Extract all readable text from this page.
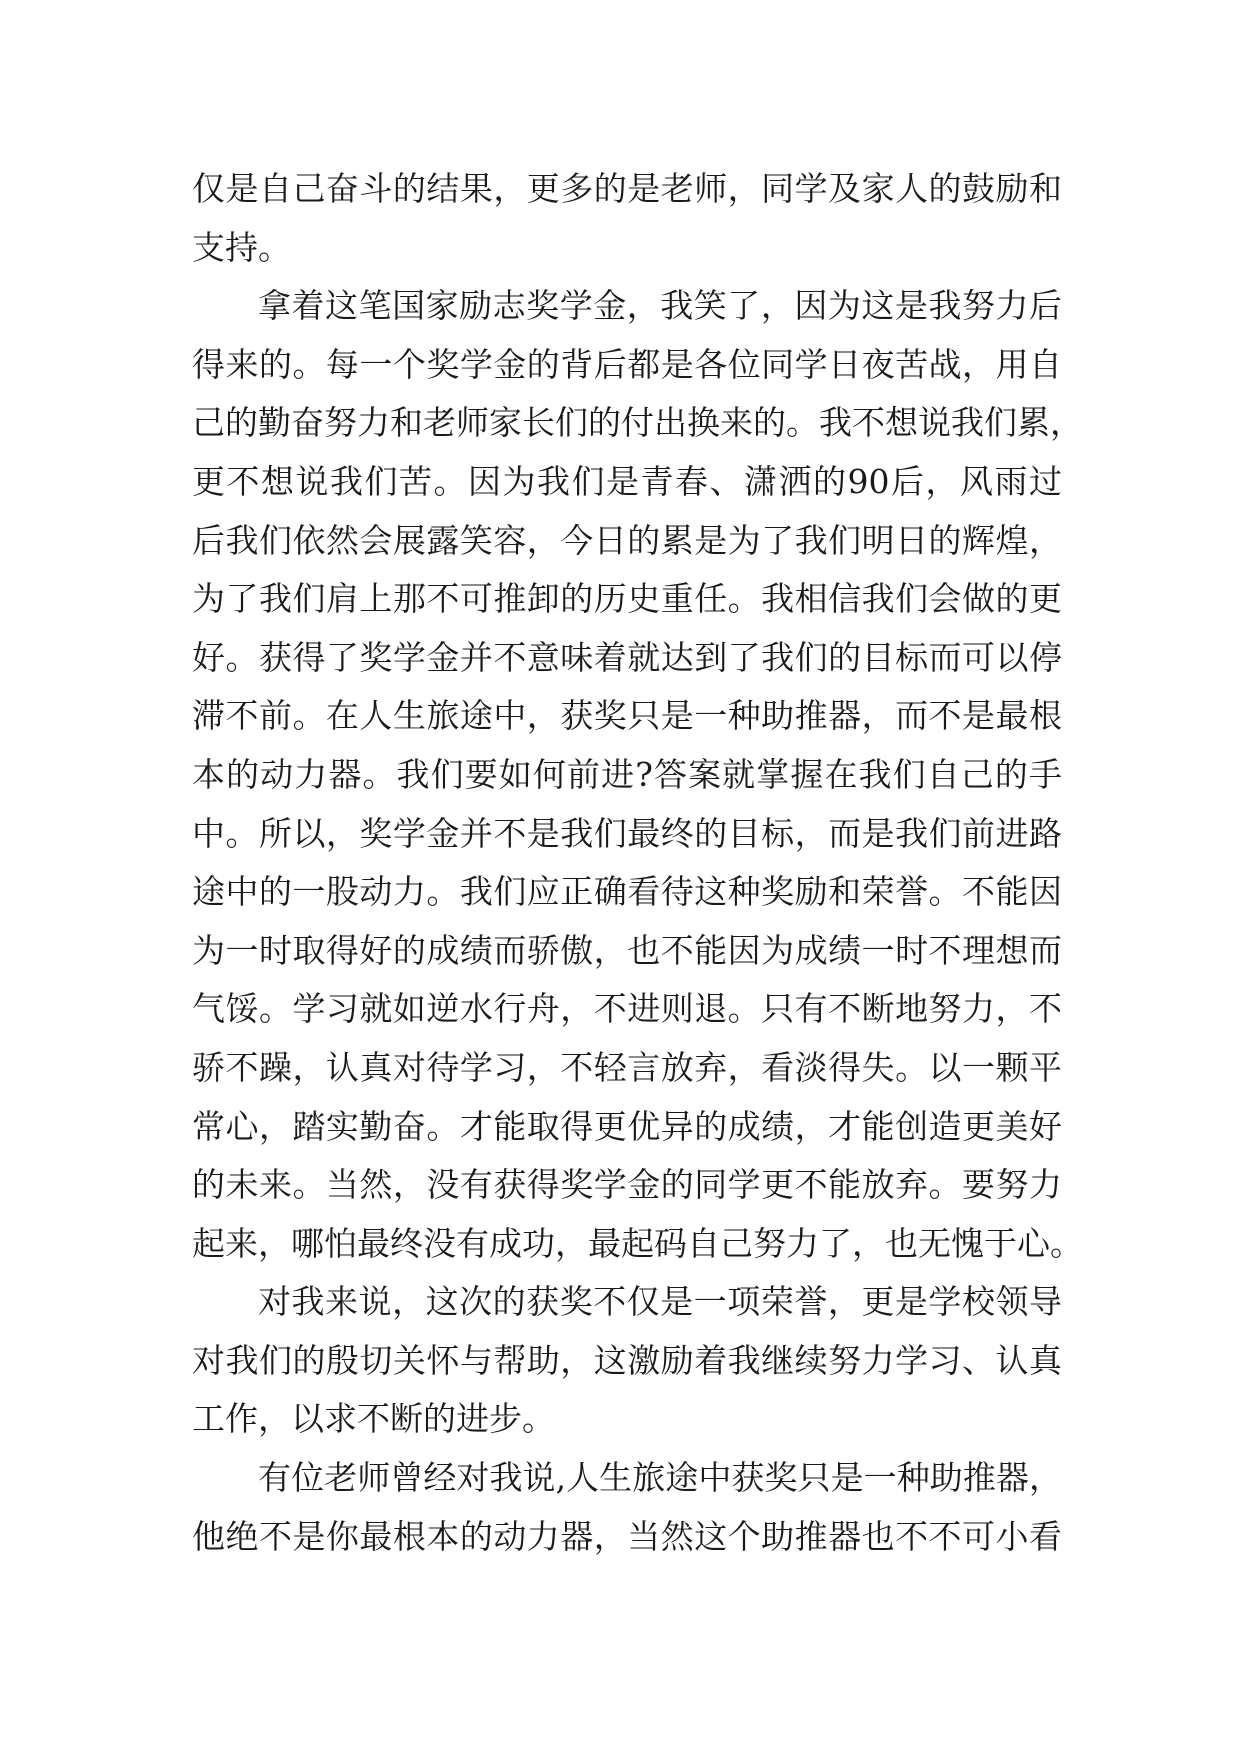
仅是自己奋斗的结果，更多的是老师，同学及家人的鼓励和
支持。
拿着这笔国家励志奖学金，我笑了，因为这是我努力后
得来的。每一个奖学金的背后都是各位同学日夜苦战，用自
己的勤奋努力和老师家长们的付出换来的。我不想说我们累，
更不想说我们苦。因为我们是青春、潇洒的90后，风雨过
后我们依然会展露笑容，今日的累是为了我们明日的辉煌，
为了我们肩上那不可推卸的历史重任。我相信我们会做的更
好。获得了奖学金并不意味着就达到了我们的目标而可以停
滞不前。在人生旅途中，获奖只是一种助推器，而不是最根
本的动力器。我们要如何前进?答案就掌握在我们自己的手
中。所以，奖学金并不是我们最终的目标，而是我们前进路
途中的一股动力。我们应正确看待这种奖励和荣誉。不能因
为一时取得好的成绩而骄傲，也不能因为成绩一时不理想而
气馁。学习就如逆水行舟，不进则退。只有不断地努力，不
骄不躁，认真对待学习，不轻言放弃，看淡得失。以一颗平
常心，踏实勤奋。才能取得更优异的成绩，才能创造更美好
的未来。当然，没有获得奖学金的同学更不能放弃。要努力
起来，哪怕最终没有成功，最起码自己努力了，也无愧于心。
对我来说，这次的获奖不仅是一项荣誉，更是学校领导
对我们的殷切关怀与帮助，这激励着我继续努力学习、认真
工作，以求不断的进步。
有位老师曾经对我说,人生旅途中获奖只是一种助推器，
他绝不是你最根本的动力器，当然这个助推器也不不可小看
